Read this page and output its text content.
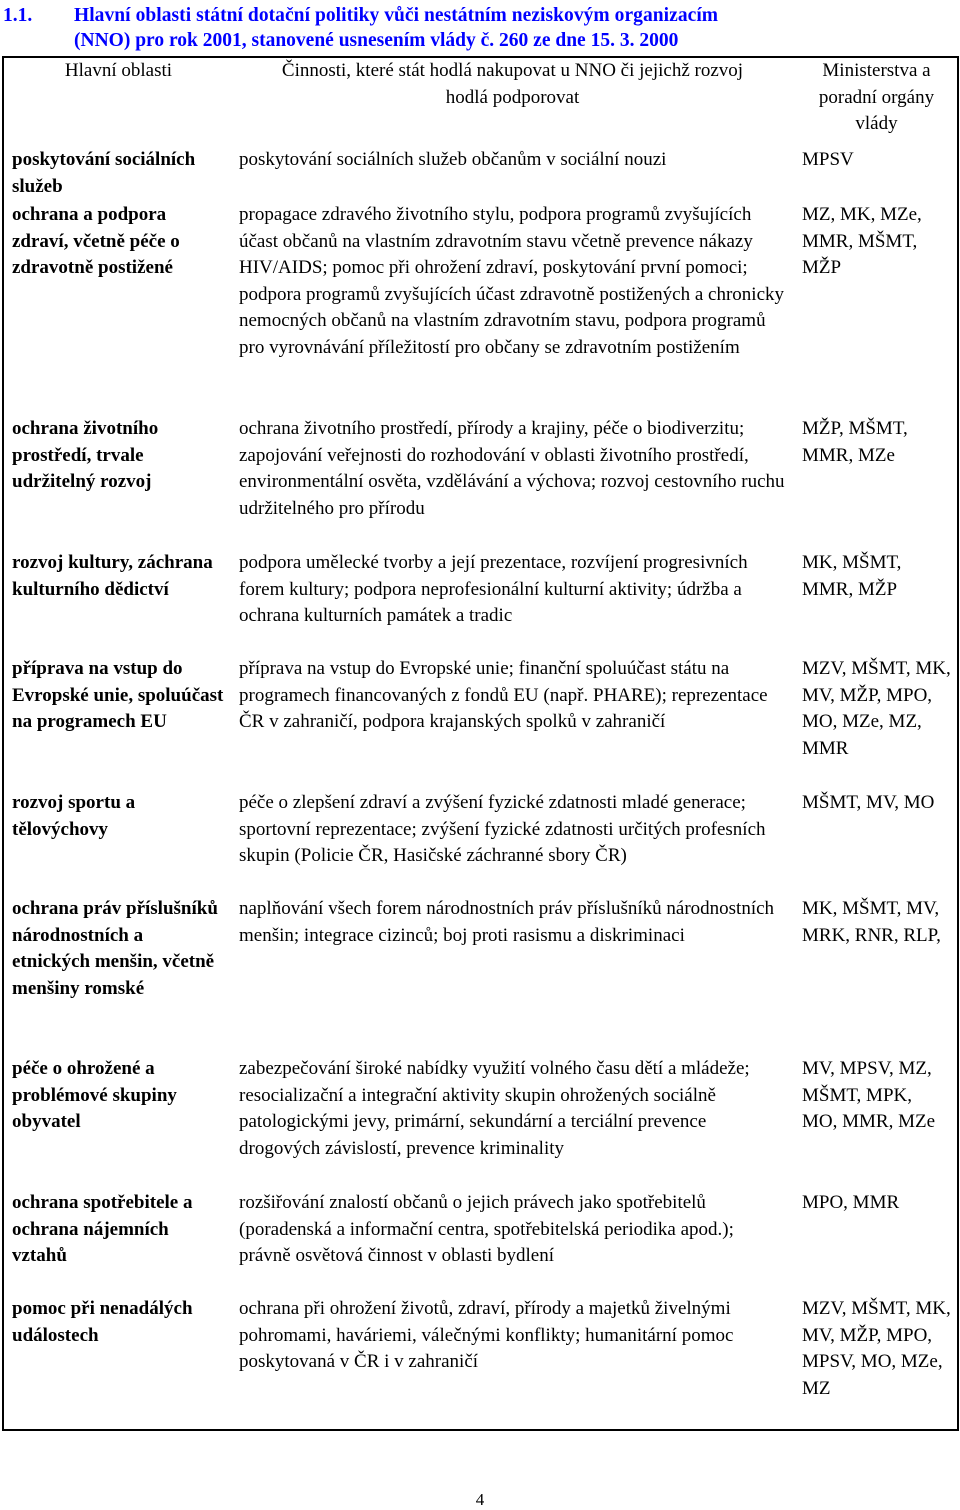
1.1. Hlavní oblasti státní dotační politiky vůči nestátním neziskovým organizacím
(NNO) pro rok 2001, stanovené usnesením vlády č. 260 ze dne 15. 3. 2000
Hlavní oblasti	Činnosti, které stát hodlá nakupovat u NNO či jejichž rozvoj hodlá podporovat	Ministerstva a poradní orgány vlády
poskytování sociálních služeb	poskytování sociálních služeb občanům v sociální nouzi	MPSV
ochrana a podpora zdraví, včetně péče o zdravotně postižené	propagace zdravého životního stylu, podpora programů zvyšujících účast občanů na vlastním zdravotním stavu včetně prevence nákazy HIV/AIDS; pomoc při ohrožení zdraví, poskytování první pomoci; podpora programů zvyšujících účast zdravotně postižených a chronicky nemocných občanů na vlastním zdravotním stavu, podpora programů pro vyrovnávání příležitostí pro občany se zdravotním postižením	MZ, MK, MZe, MMR, MŠMT, MŽP
ochrana životního prostředí, trvale udržitelný rozvoj	ochrana životního prostředí, přírody a krajiny, péče o biodiverzitu; zapojování veřejnosti do rozhodování v oblasti životního prostředí, environmentální osvěta, vzdělávání a výchova; rozvoj cestovního ruchu udržitelného pro přírodu	MŽP, MŠMT, MMR, MZe
rozvoj kultury, záchrana kulturního dědictví	podpora umělecké tvorby a její prezentace, rozvíjení progresivních forem kultury; podpora neprofesionální kulturní aktivity; údržba a ochrana kulturních památek a tradic	MK, MŠMT, MMR, MŽP
příprava na vstup do Evropské unie, spoluúčast na programech EU	příprava na vstup do Evropské unie; finanční spoluúčast státu na programech financovaných z fondů EU (např. PHARE); reprezentace ČR v zahraničí, podpora krajanských spolků v zahraničí	MZV, MŠMT, MK, MV, MŽP, MPO, MO, MZe, MZ, MMR
rozvoj sportu a tělovýchovy	péče o zlepšení zdraví a zvýšení fyzické zdatnosti mladé generace; sportovní reprezentace; zvýšení fyzické zdatnosti určitých profesních skupin (Policie ČR, Hasičské záchranné sbory ČR)	MŠMT, MV, MO
ochrana práv příslušníků národnostních a etnických menšin, včetně menšiny romské	naplňování všech forem národnostních práv příslušníků národnostních menšin; integrace cizinců; boj proti rasismu a diskriminaci	MK, MŠMT, MV, MRK, RNR, RLP,
péče o ohrožené a problémové skupiny obyvatel	zabezpečování široké nabídky využití volného času dětí a mládeže; resocializační a integrační aktivity skupin ohrožených sociálně patologickými jevy, primární, sekundární a terciální prevence drogových závislostí, prevence kriminality	MV, MPSV, MZ, MŠMT, MPK, MO, MMR, MZe
ochrana spotřebitele a ochrana nájemních vztahů	rozšiřování znalostí občanů o jejich právech jako spotřebitelů (poradenská a informační centra, spotřebitelská periodika apod.); právně osvětová činnost v oblasti bydlení	MPO, MMR
pomoc při nenadálých událostech	ochrana při ohrožení životů, zdraví, přírody a majetků živelnými pohromami, haváriemi, válečnými konflikty; humanitární pomoc poskytovaná v ČR i v zahraničí	MZV, MŠMT, MK, MV, MŽP, MPO, MPSV, MO, MZe, MZ
4
